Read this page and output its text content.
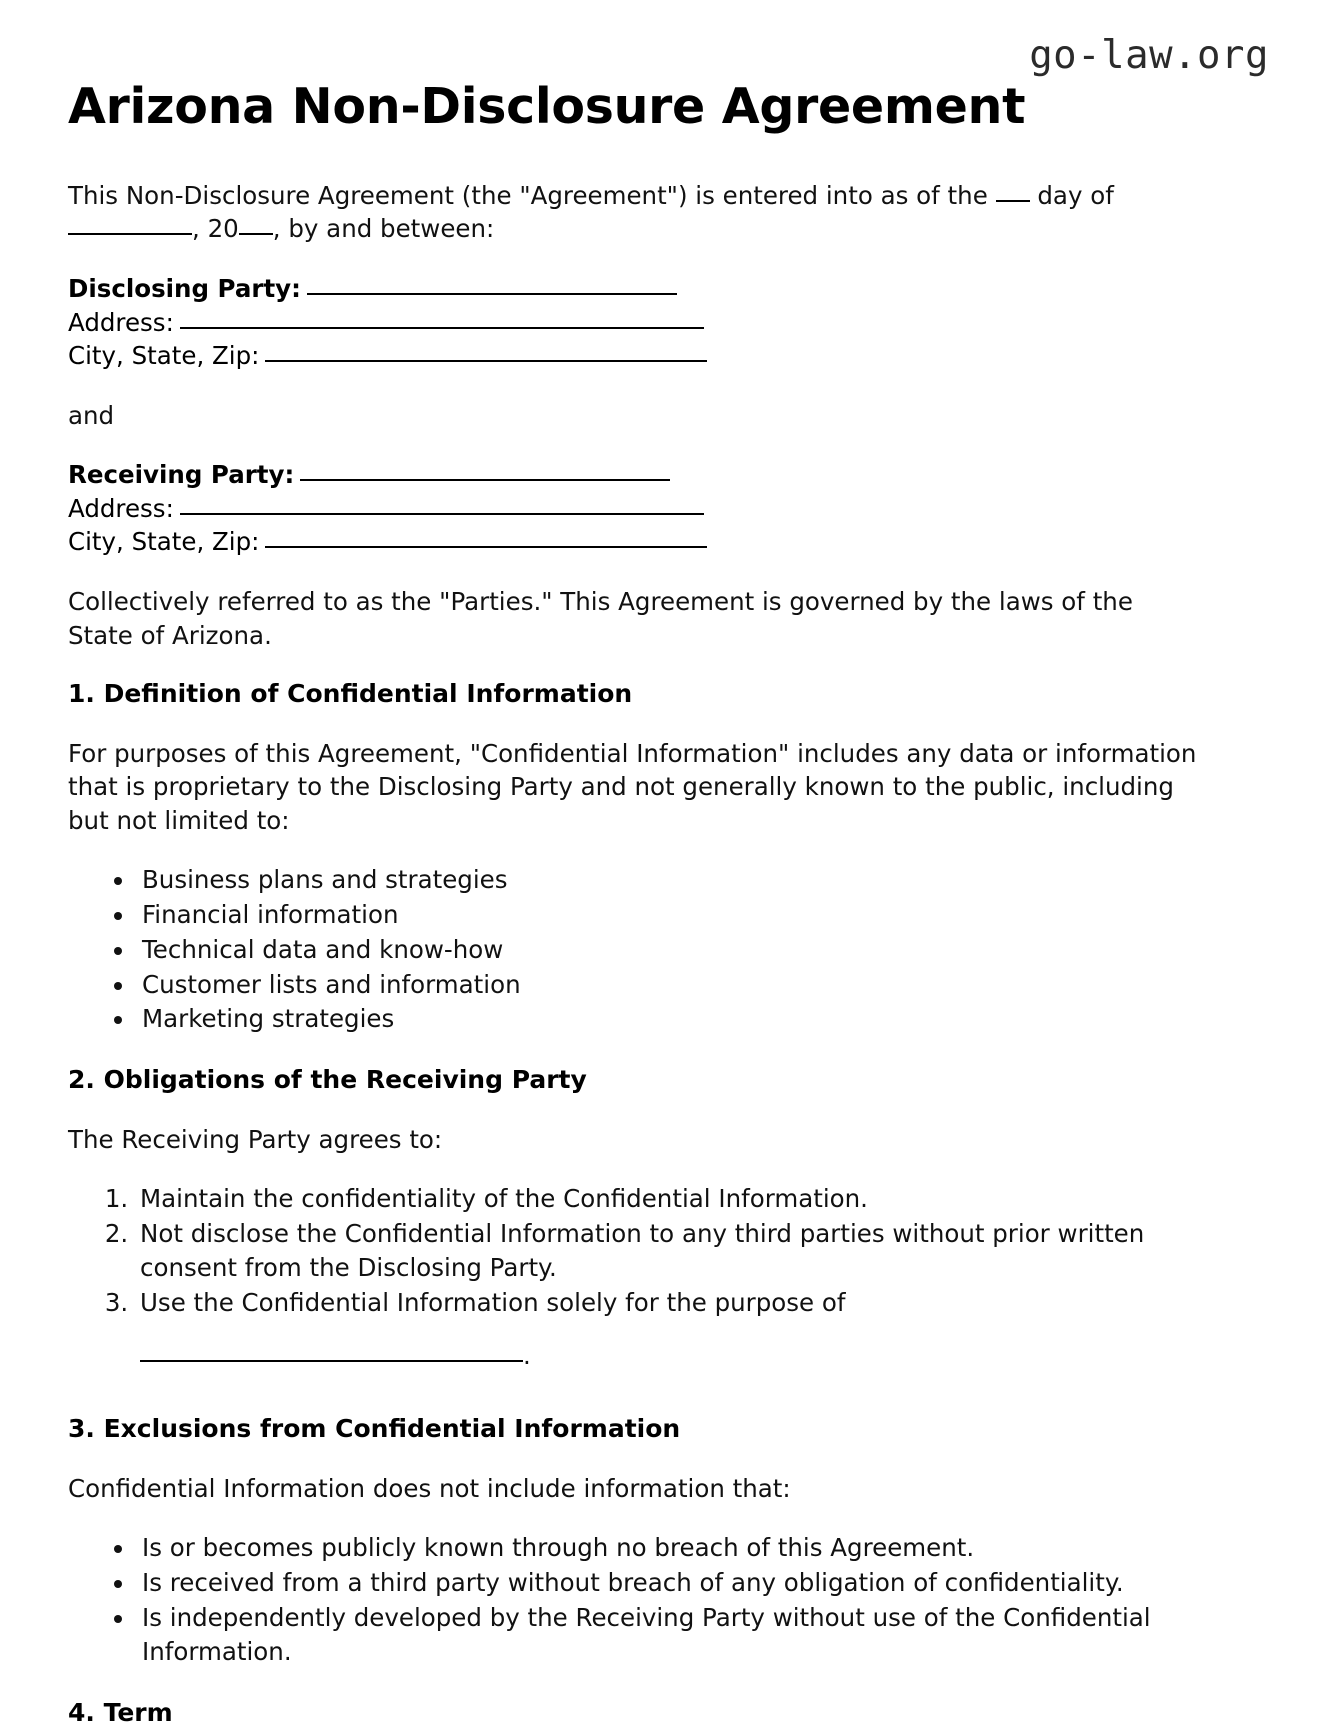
go-law.org
Arizona Non-Disclosure Agreement

This Non-Disclosure Agreement (the "Agreement") is entered into as of the day of , 20 , by and between:

Disclosing Party:
Address:
City, State, Zip:

and

Receiving Party:
Address:
City, State, Zip:

Collectively referred to as the "Parties." This Agreement is governed by the laws of the State of Arizona.

1. Definition of Confidential Information

For purposes of this Agreement, "Confidential Information" includes any data or information that is proprietary to the Disclosing Party and not generally known to the public, including but not limited to:

• Business plans and strategies
• Financial information
• Technical data and know-how
• Customer lists and information
• Marketing strategies
2. Obligations of the Receiving Party

The Receiving Party agrees to:

1. Maintain the confidentiality of the Confidential Information.
2. Not disclose the Confidential Information to any third parties without prior written consent from the Disclosing Party.
3. Use the Confidential Information solely for the purpose of
.
3. Exclusions from Confidential Information

Confidential Information does not include information that:

• Is or becomes publicly known through no breach of this Agreement.
• Is received from a third party without breach of any obligation of confidentiality.
• Is independently developed by the Receiving Party without use of the Confidential Information.
4. Term
